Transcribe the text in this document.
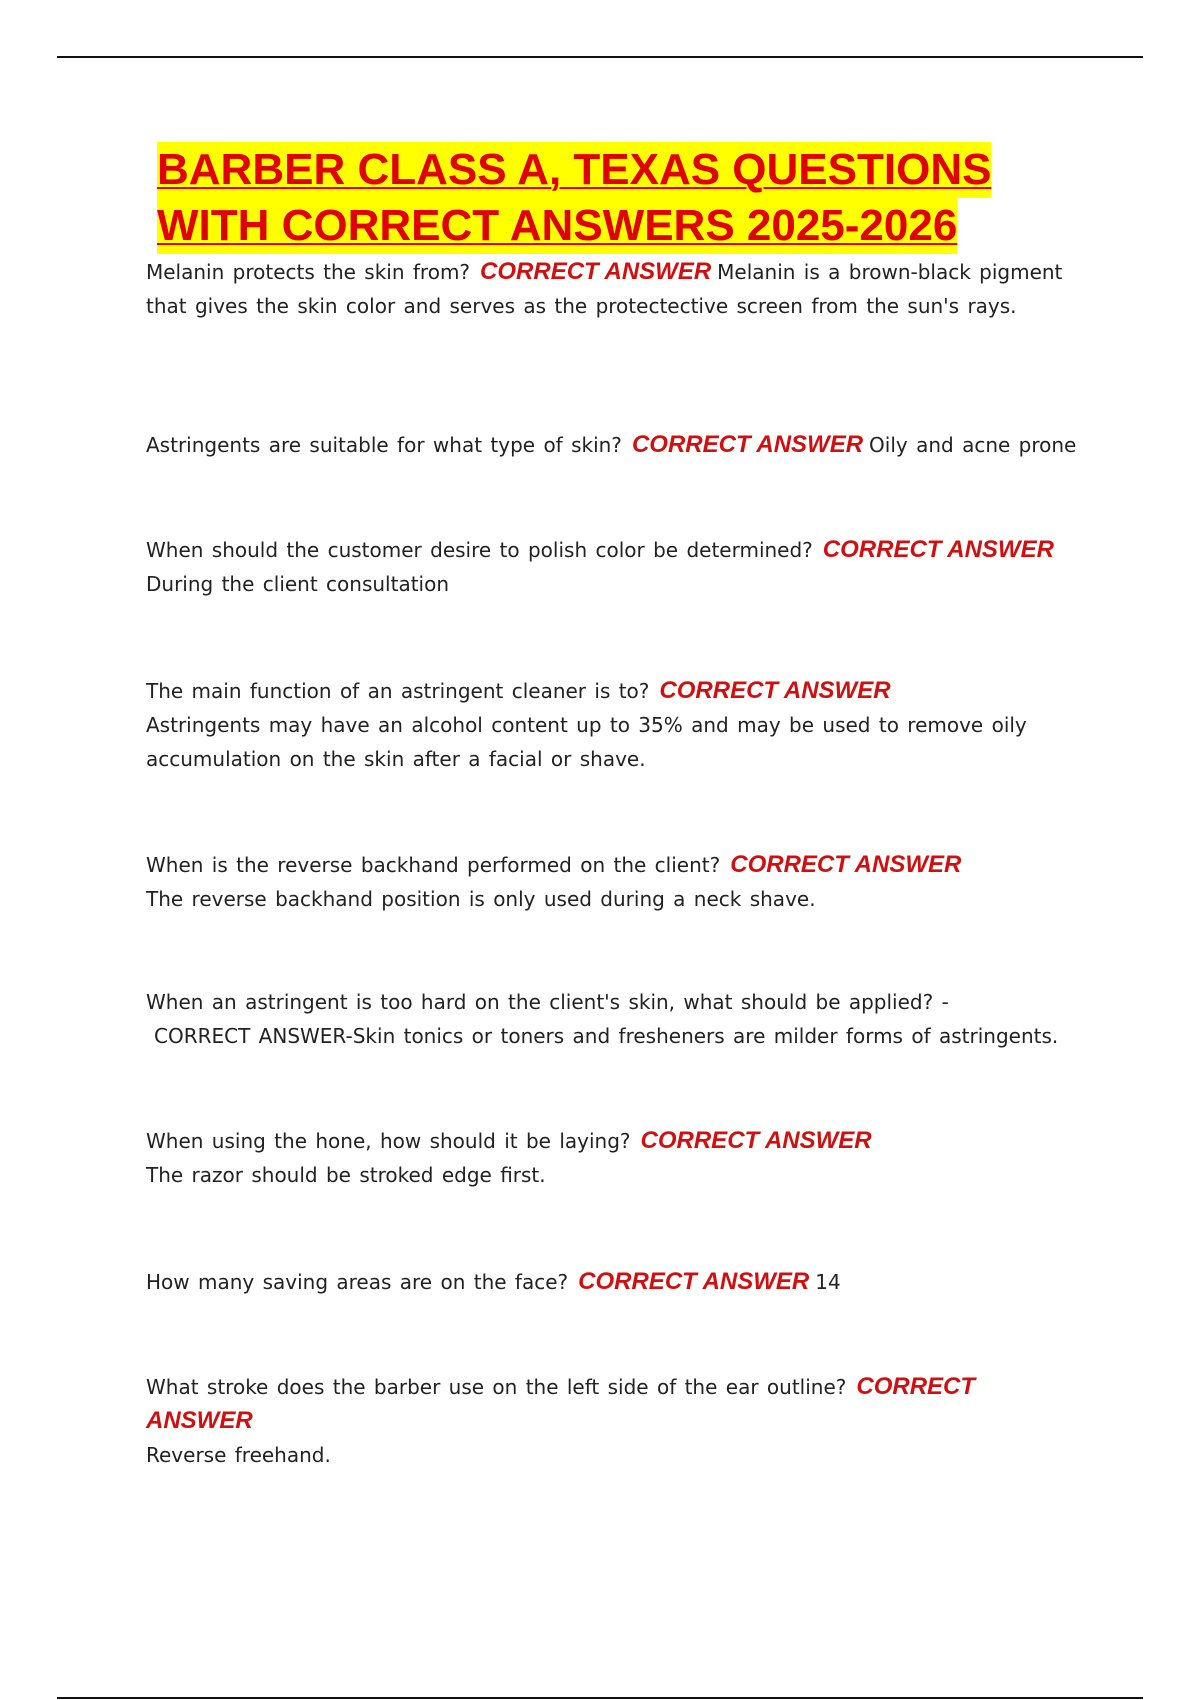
BARBER CLASS A, TEXAS QUESTIONS
WITH CORRECT ANSWERS 2025-2026
Melanin protects the skin from? CORRECT ANSWER Melanin is a brown-black pigment that gives the skin color and serves as the protectective screen from the sun's rays.
Astringents are suitable for what type of skin? CORRECT ANSWER Oily and acne prone
When should the customer desire to polish color be determined? CORRECT ANSWER
During the client consultation
The main function of an astringent cleaner is to? CORRECT ANSWER
Astringents may have an alcohol content up to 35% and may be used to remove oily accumulation on the skin after a facial or shave.
When is the reverse backhand performed on the client? CORRECT ANSWER
The reverse backhand position is only used during a neck shave.
When an astringent is too hard on the client's skin, what should be applied? -
CORRECT ANSWER-Skin tonics or toners and fresheners are milder forms of astringents.
When using the hone, how should it be laying? CORRECT ANSWER
The razor should be stroked edge first.
How many saving areas are on the face? CORRECT ANSWER 14
What stroke does the barber use on the left side of the ear outline? CORRECT ANSWER
Reverse freehand.
